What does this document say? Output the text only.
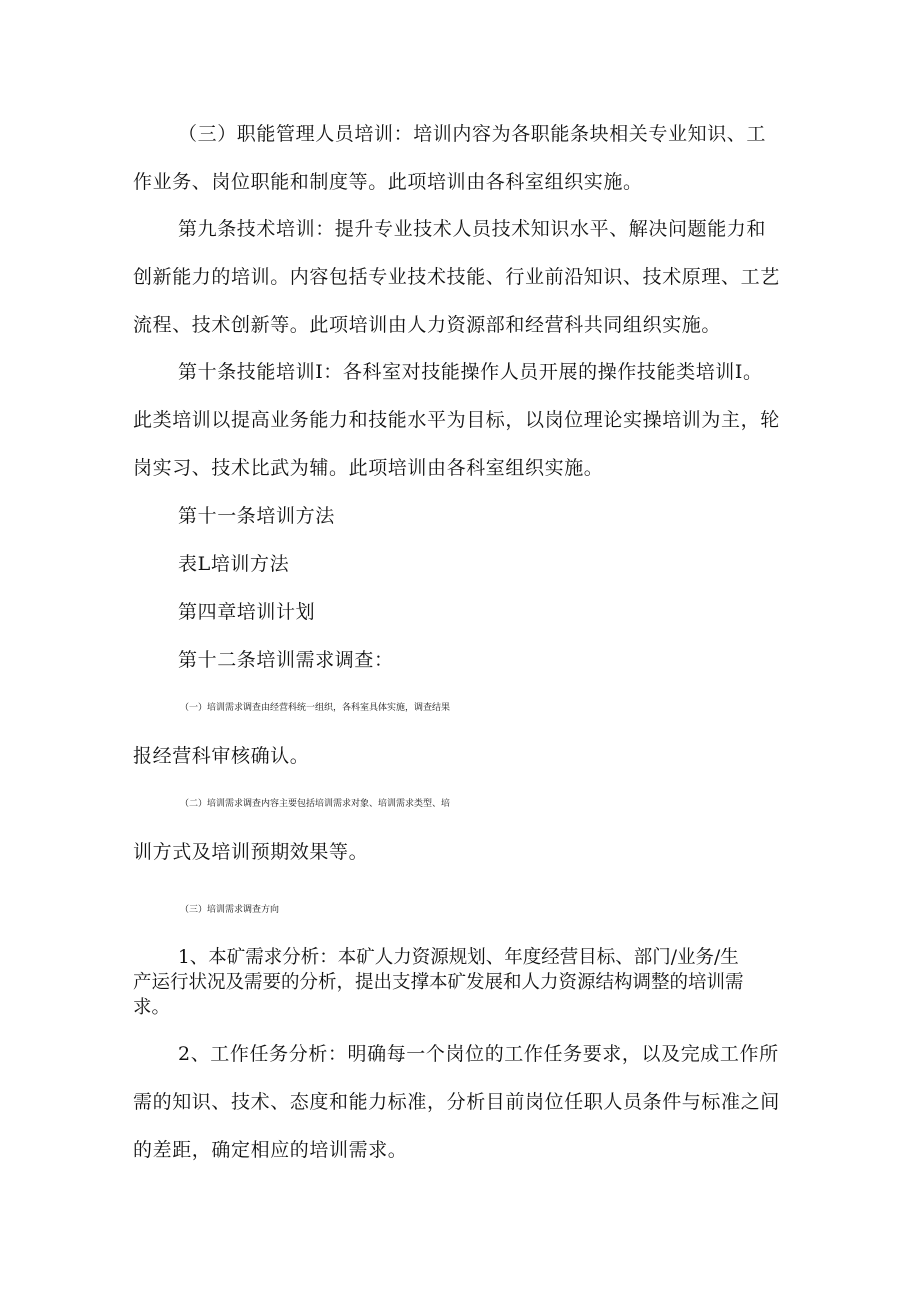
（三）职能管理人员培训：培训内容为各职能条块相关专业知识、工
作业务、岗位职能和制度等。此项培训由各科室组织实施。
第九条技术培训：提升专业技术人员技术知识水平、解决问题能力和
创新能力的培训。内容包括专业技术技能、行业前沿知识、技术原理、工艺
流程、技术创新等。此项培训由人力资源部和经营科共同组织实施。
第十条技能培训I：各科室对技能操作人员开展的操作技能类培训I。
此类培训以提高业务能力和技能水平为目标，以岗位理论实操培训为主，轮
岗实习、技术比武为辅。此项培训由各科室组织实施。
第十一条培训方法
表L培训方法
第四章培训计划
第十二条培训需求调查：
（一）培训需求调查由经营科统一组织，各科室具体实施，调查结果
报经营科审核确认。
（二）培训需求调查内容主要包括培训需求对象、培训需求类型、培
训方式及培训预期效果等。
（三）培训需求调查方向
1、本矿需求分析：本矿人力资源规划、年度经营目标、部门/业务/生
产运行状况及需要的分析，提出支撑本矿发展和人力资源结构调整的培训需
求。
2、工作任务分析：明确每一个岗位的工作任务要求，以及完成工作所
需的知识、技术、态度和能力标准，分析目前岗位任职人员条件与标准之间
的差距，确定相应的培训需求。
